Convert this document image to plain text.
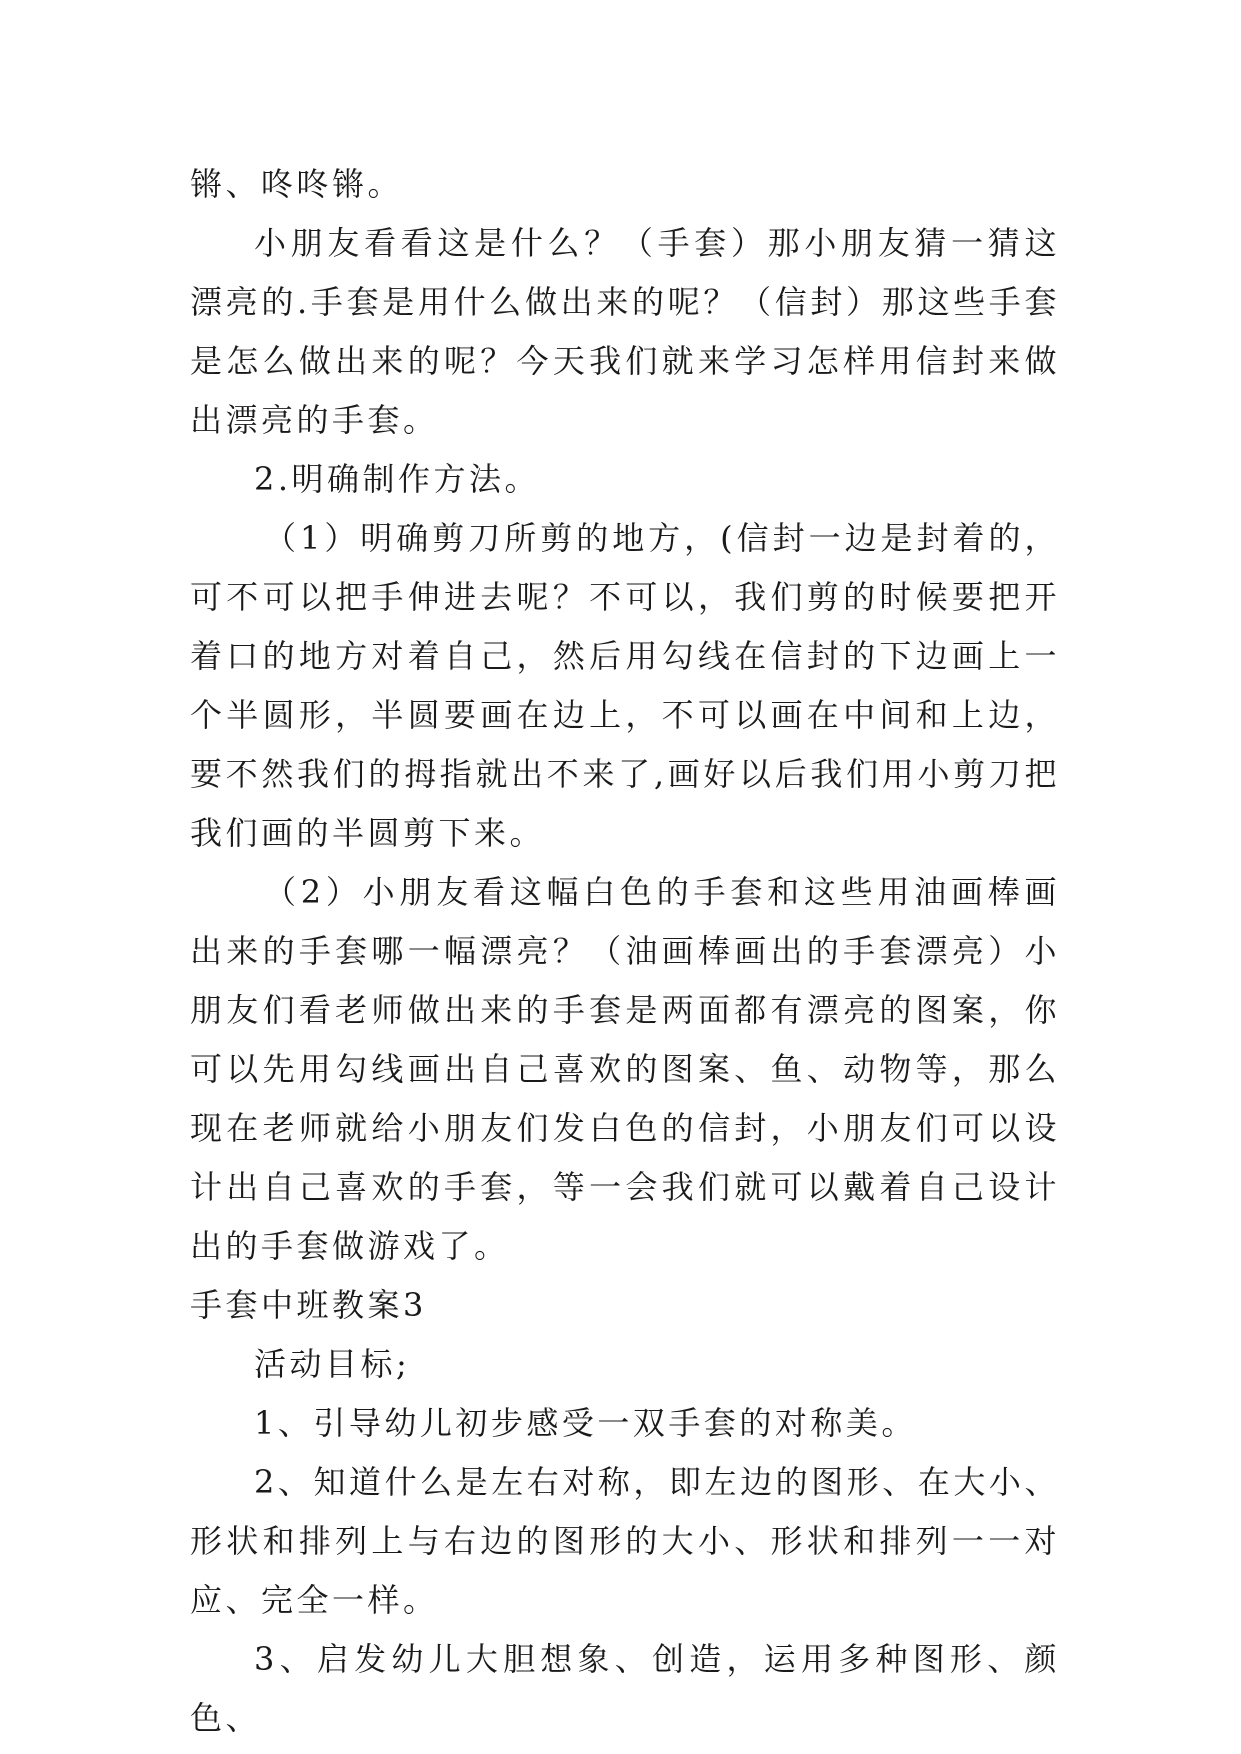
锵、咚咚锵。

小朋友看看这是什么？（手套）那小朋友猜一猜这漂亮的.手套是用什么做出来的呢？（信封）那这些手套是怎么做出来的呢？今天我们就来学习怎样用信封来做出漂亮的手套。

2.明确制作方法。

（1）明确剪刀所剪的地方，(信封一边是封着的，可不可以把手伸进去呢？不可以，我们剪的时候要把开着口的地方对着自己，然后用勾线在信封的下边画上一个半圆形，半圆要画在边上，不可以画在中间和上边，要不然我们的拇指就出不来了,画好以后我们用小剪刀把我们画的半圆剪下来。

（2）小朋友看这幅白色的手套和这些用油画棒画出来的手套哪一幅漂亮？（油画棒画出的手套漂亮）小朋友们看老师做出来的手套是两面都有漂亮的图案，你可以先用勾线画出自己喜欢的图案、鱼、动物等，那么现在老师就给小朋友们发白色的信封，小朋友们可以设计出自己喜欢的手套，等一会我们就可以戴着自己设计出的手套做游戏了。

手套中班教案3

活动目标;

1、引导幼儿初步感受一双手套的对称美。

2、知道什么是左右对称，即左边的图形、在大小、形状和排列上与右边的图形的大小、形状和排列一一对应、完全一样。

3、启发幼儿大胆想象、创造，运用多种图形、颜色、
